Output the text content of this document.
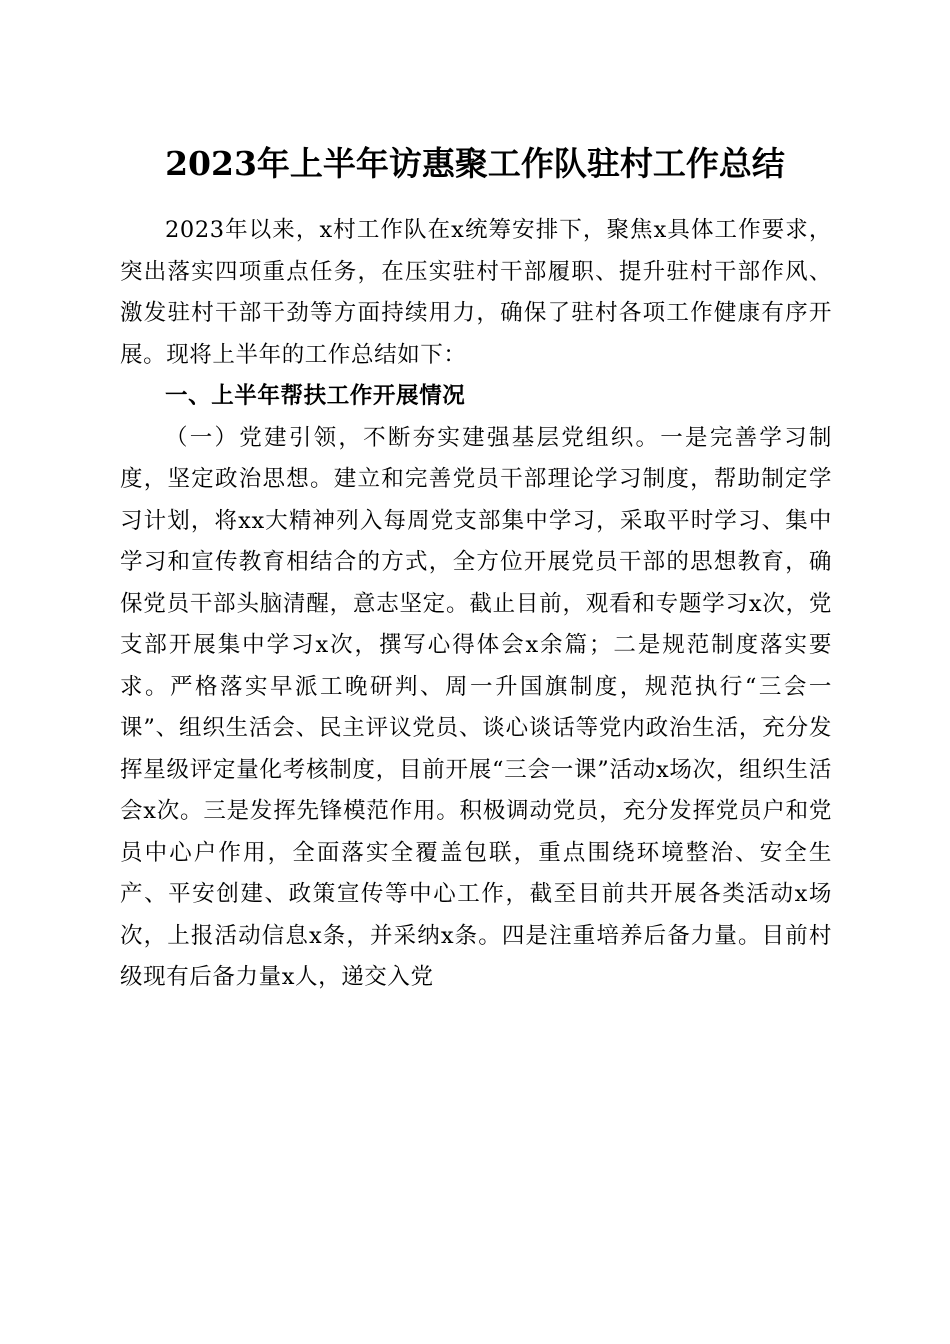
2023年上半年访惠聚工作队驻村工作总结

2023年以来，x村工作队在x统筹安排下，聚焦x具体工作要求，突出落实四项重点任务，在压实驻村干部履职、提升驻村干部作风、激发驻村干部干劲等方面持续用力，确保了驻村各项工作健康有序开展。现将上半年的工作总结如下：

一、上半年帮扶工作开展情况

（一）党建引领，不断夯实建强基层党组织。一是完善学习制度，坚定政治思想。建立和完善党员干部理论学习制度，帮助制定学习计划，将xx大精神列入每周党支部集中学习，采取平时学习、集中学习和宣传教育相结合的方式，全方位开展党员干部的思想教育，确保党员干部头脑清醒，意志坚定。截止目前，观看和专题学习x次，党支部开展集中学习x次，撰写心得体会x余篇；二是规范制度落实要求。严格落实早派工晚研判、周一升国旗制度，规范执行“三会一课”、组织生活会、民主评议党员、谈心谈话等党内政治生活，充分发挥星级评定量化考核制度，目前开展“三会一课”活动x场次，组织生活会x次。三是发挥先锋模范作用。积极调动党员，充分发挥党员户和党员中心户作用，全面落实全覆盖包联，重点围绕环境整治、安全生产、平安创建、政策宣传等中心工作，截至目前共开展各类活动x场次，上报活动信息x条，并采纳x条。四是注重培养后备力量。目前村级现有后备力量x人，递交入党
